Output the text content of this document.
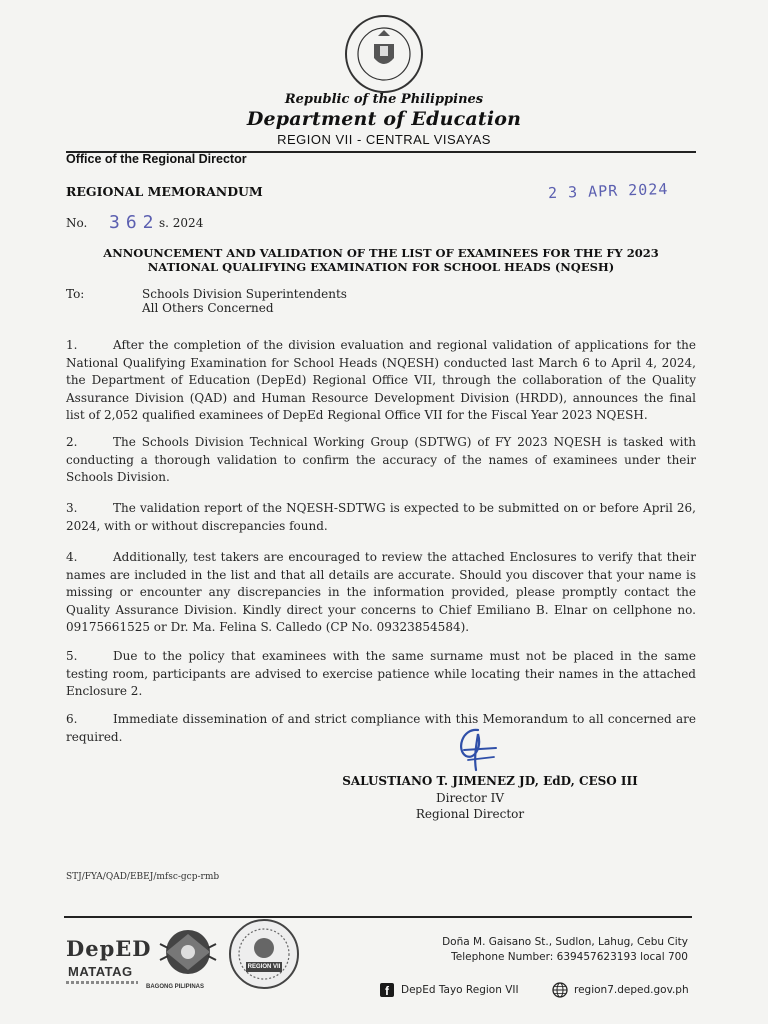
Republic of the Philippines
Department of Education
REGION VII - CENTRAL VISAYAS
Office of the Regional Director
REGIONAL MEMORANDUM	2 3 APR 2024
No. 362 s. 2024
ANNOUNCEMENT AND VALIDATION OF THE LIST OF EXAMINEES FOR THE FY 2023
NATIONAL QUALIFYING EXAMINATION FOR SCHOOL HEADS (NQESH)
To:	Schools Division Superintendents
All Others Concerned
1.	After the completion of the division evaluation and regional validation of applications for the National Qualifying Examination for School Heads (NQESH) conducted last March 6 to April 4, 2024, the Department of Education (DepEd) Regional Office VII, through the collaboration of the Quality Assurance Division (QAD) and Human Resource Development Division (HRDD), announces the final list of 2,052 qualified examinees of DepEd Regional Office VII for the Fiscal Year 2023 NQESH.
2.	The Schools Division Technical Working Group (SDTWG) of FY 2023 NQESH is tasked with conducting a thorough validation to confirm the accuracy of the names of examinees under their Schools Division.
3.	The validation report of the NQESH-SDTWG is expected to be submitted on or before April 26, 2024, with or without discrepancies found.
4.	Additionally, test takers are encouraged to review the attached Enclosures to verify that their names are included in the list and that all details are accurate. Should you discover that your name is missing or encounter any discrepancies in the information provided, please promptly contact the Quality Assurance Division. Kindly direct your concerns to Chief Emiliano B. Elnar on cellphone no. 09175661525 or Dr. Ma. Felina S. Calledo (CP No. 09323854584).
5.	Due to the policy that examinees with the same surname must not be placed in the same testing room, participants are advised to exercise patience while locating their names in the attached Enclosure 2.
6.	Immediate dissemination of and strict compliance with this Memorandum to all concerned are required.
SALUSTIANO T. JIMENEZ JD, EdD, CESO III
Director IV
Regional Director
STJ/FYA/QAD/EBEJ/mfsc-gcp-rmb
DepED
MATATAG
BAGONG PILIPINAS
REGION VII
Doña M. Gaisano St., Sudlon, Lahug, Cebu City
Telephone Number: 639457623193 local 700
f	DepEd Tayo Region VII	region7.deped.gov.ph
